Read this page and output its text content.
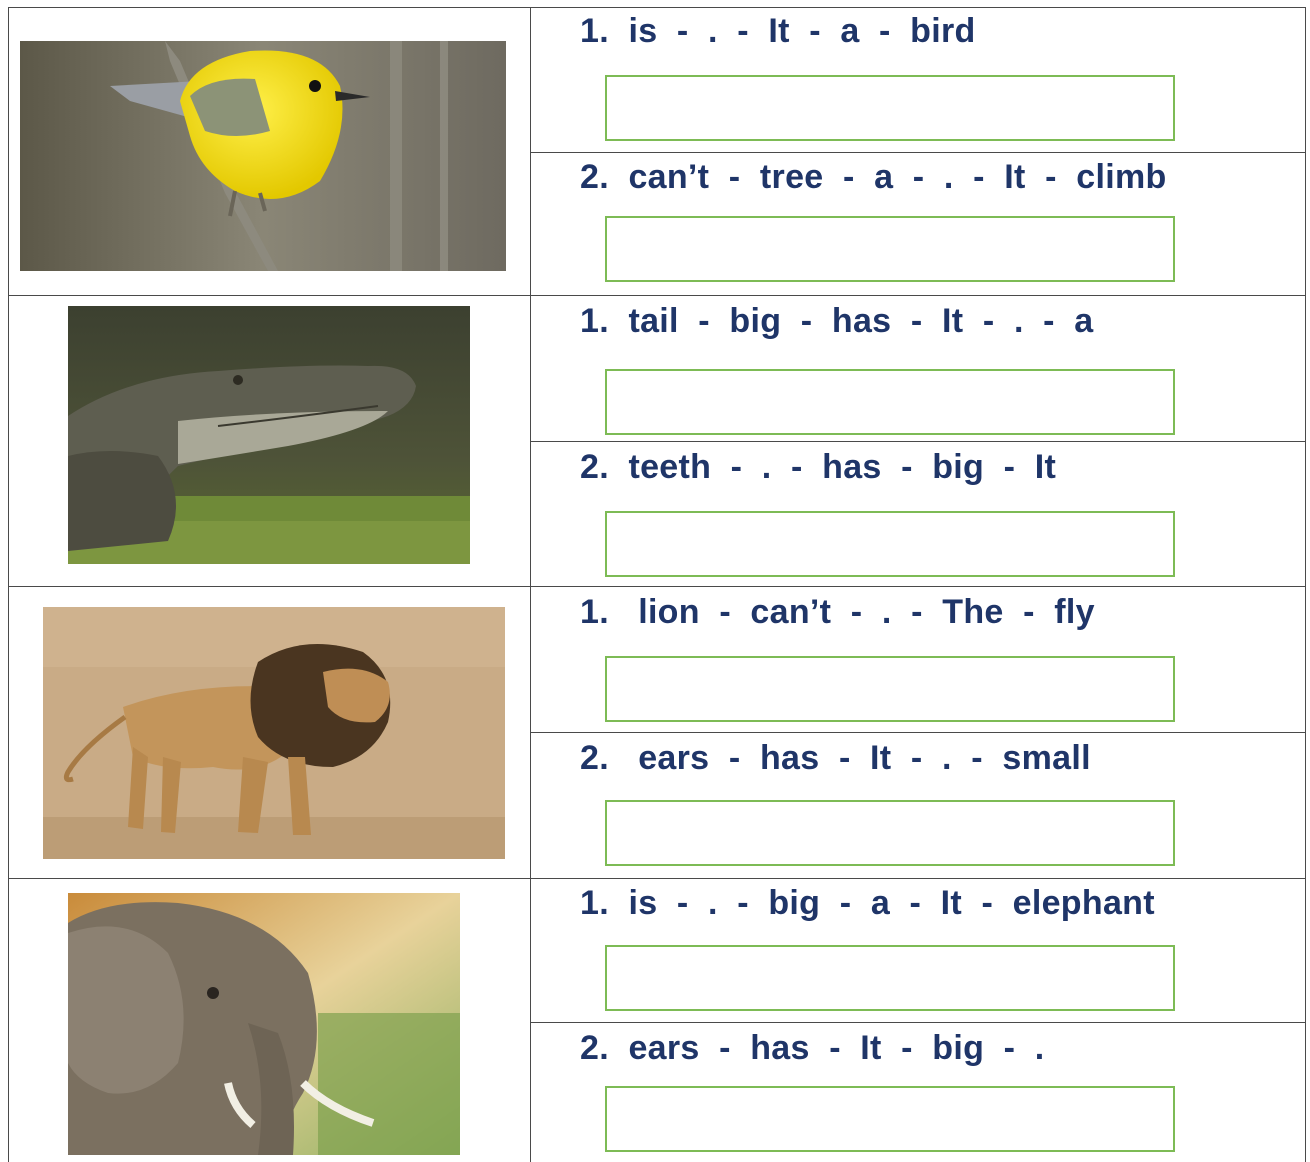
1.  is  -  .  -  It  -  a  -  bird
2.  can’t  -  tree  -  a  -  .  -  It  -  climb
1.  tail  -  big  -  has  -  It  -  .  -  a
2.  teeth  -  .  -  has  -  big  -  It
1.   lion  -  can’t  -  .  -  The  -  fly
2.   ears  -  has  -  It  -  .  -  small
1.  is  -  .  -  big  -  a  -  It  -  elephant
2.  ears  -  has  -  It  -  big  -  .
